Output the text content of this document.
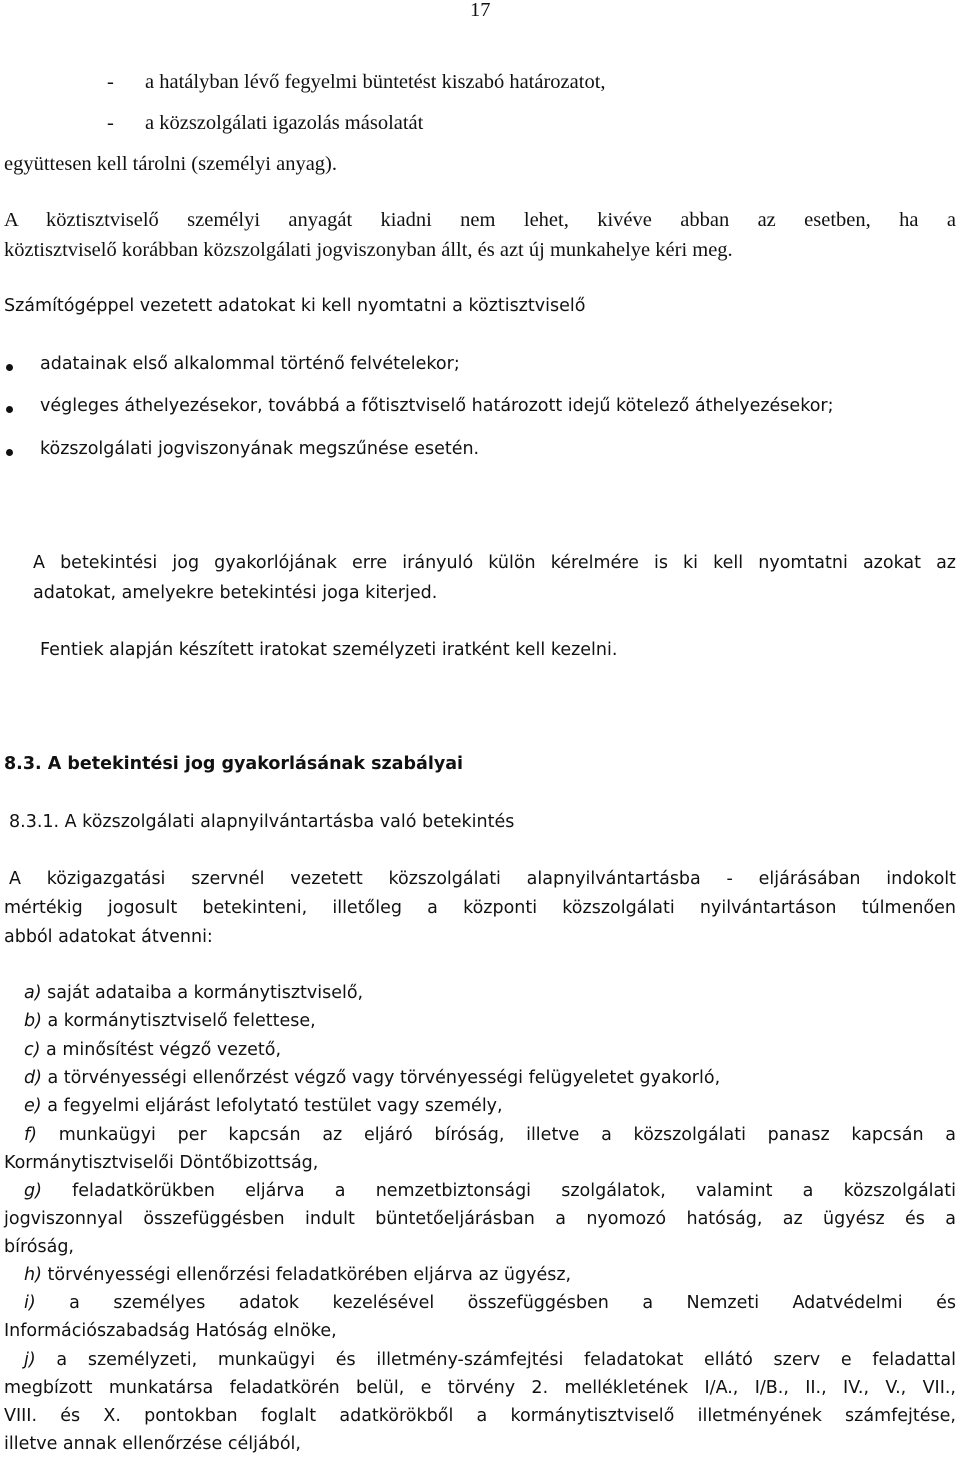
17
- a hatályban lévő fegyelmi büntetést kiszabó határozatot,
- a közszolgálati igazolás másolatát
együttesen kell tárolni (személyi anyag).
A köztisztviselő személyi anyagát kiadni nem lehet, kivéve abban az esetben, ha a
köztisztviselő korábban közszolgálati jogviszonyban állt, és azt új munkahelye kéri meg.
Számítógéppel vezetett adatokat ki kell nyomtatni a köztisztviselő
adatainak első alkalommal történő felvételekor;
végleges áthelyezésekor, továbbá a főtisztviselő határozott idejű kötelező áthelyezésekor;
közszolgálati jogviszonyának megszűnése esetén.
A betekintési jog gyakorlójának erre irányuló külön kérelmére is ki kell nyomtatni azokat az
adatokat, amelyekre betekintési joga kiterjed.
Fentiek alapján készített iratokat személyzeti iratként kell kezelni.
8.3. A betekintési jog gyakorlásának szabályai
8.3.1. A közszolgálati alapnyilvántartásba való betekintés
A közigazgatási szervnél vezetett közszolgálati alapnyilvántartásba - eljárásában indokolt
mértékig jogosult betekinteni, illetőleg a központi közszolgálati nyilvántartáson túlmenően
abból adatokat átvenni:
a) saját adataiba a kormánytisztviselő,
b) a kormánytisztviselő felettese,
c) a minősítést végző vezető,
d) a törvényességi ellenőrzést végző vagy törvényességi felügyeletet gyakorló,
e) a fegyelmi eljárást lefolytató testület vagy személy,
f) munkaügyi per kapcsán az eljáró bíróság, illetve a közszolgálati panasz kapcsán a
Kormánytisztviselői Döntőbizottság,
g) feladatkörükben eljárva a nemzetbiztonsági szolgálatok, valamint a közszolgálati
jogviszonnyal összefüggésben indult büntetőeljárásban a nyomozó hatóság, az ügyész és a
bíróság,
h) törvényességi ellenőrzési feladatkörében eljárva az ügyész,
i) a személyes adatok kezelésével összefüggésben a Nemzeti Adatvédelmi és
Információszabadság Hatóság elnöke,
j) a személyzeti, munkaügyi és illetmény-számfejtési feladatokat ellátó szerv e feladattal
megbízott munkatársa feladatkörén belül, e törvény 2. mellékletének I/A., I/B., II., IV., V., VII.,
VIII. és X. pontokban foglalt adatkörökből a kormánytisztviselő illetményének számfejtése,
illetve annak ellenőrzése céljából,
